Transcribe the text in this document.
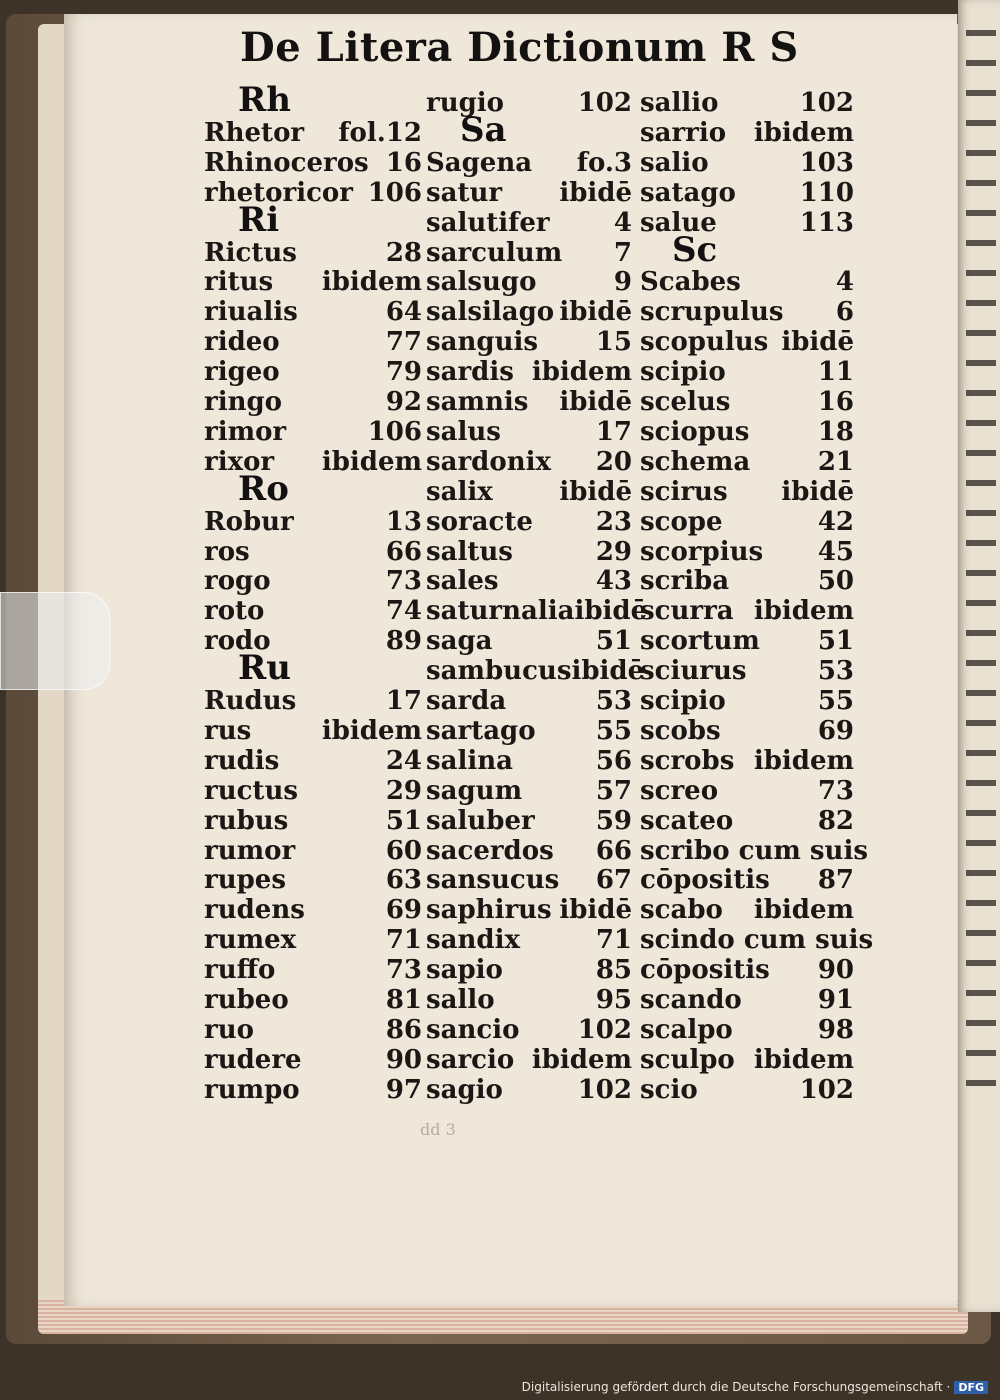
De Litera Dictionum R S
Rh
Rhetor fol.12
Rhinoceros 16
rhetoricor 106
Ri
Rictus	28
ritus ibidem
riualis	64
rideo	77
rigeo	79
ringo	92
rimor	106
rixor ibidem
Ro
Robur	13
ros	66
rogo	73
roto	74
rodo	89
Ru
Rudus	17
rus	ibidem
rudis	24
ructus	29
rubus	51
rumor	60
rupes	63
rudens	69
rumex	71
ruffo	73
rubeo	81
ruo	86
rudere	90
rumpo	97
rugio	102
Sa
Sagena fo.3
satur ibidē
salutifer 4
sarculum 7
salsugo	9
salsilago ibidē
sanguis 15
sardis ibidem
samnis ibidē
salus	17
sardonix 20
salix	ibidē
soracte 23
saltus	29
sales	43
saturnalia ibidē
saga	51
sambucus ibidē
sarda	53
sartago 55
salina	56
sagum	57
saluber 59
sacerdos 66
sansucus 67
saphirus ibidē
sandix	71
sapio	85
sallo	95
sancio 102
sarcio ibidem
sagio	102
sallio	102
sarrio ibidem
salio	103
satago 110
salue	113
Sc
Scabes	4
scrupulus 6
scopulus ibidē
scipio	11
scelus	16
sciopus	18
schema	21
scirus ibidē
scope	42
scorpius 45
scriba	50
scurra ibidem
scortum 51
sciurus	53
scipio	55
scobs	69
scrobs ibidem
screo	73
scateo	82
scribo cum suis
cōpositis 87
scabo ibidem
scindo cum suis
cōpositis 90
scando	91
scalpo	98
sculpo ibidem
scio	102
dd 3
Digitalisierung gefördert durch die Deutsche Forschungsgemeinschaft · DFG
